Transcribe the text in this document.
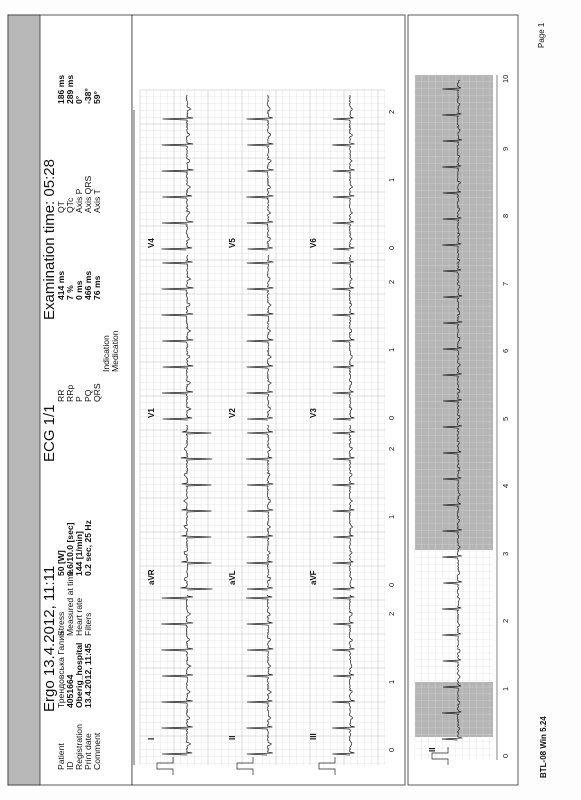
Ergo 13.4.2012, 11:11
ECG 1/1
Examination time: 05:28
Patient ID Registration Print date Comment
Трендовська Галин 4051664 Oberig_hospital 13.4.2012, 11:45
Stress Measured at time Heart rate Filters
50 [W] 0.6/10.0 [sec] 144 [1/min] 0.2 sec, 25 Hz
RR RRp P PQ QRS
414 ms 7 % 0 ms 466 ms 76 ms
QT QTc Axis P Axis QRS Axis T
186 ms 289 ms 0° -38° 59°
Indication Medication
I
aVR
V1
V4
II
aVL
V2
V5
III
aVF
V3
V6
II
0
1
2
0
1
2
0
1
2
0
1
2
0
1
2
3
4
5
6
7
8
9
10
BTL-08 Win 5.24
Page 1
